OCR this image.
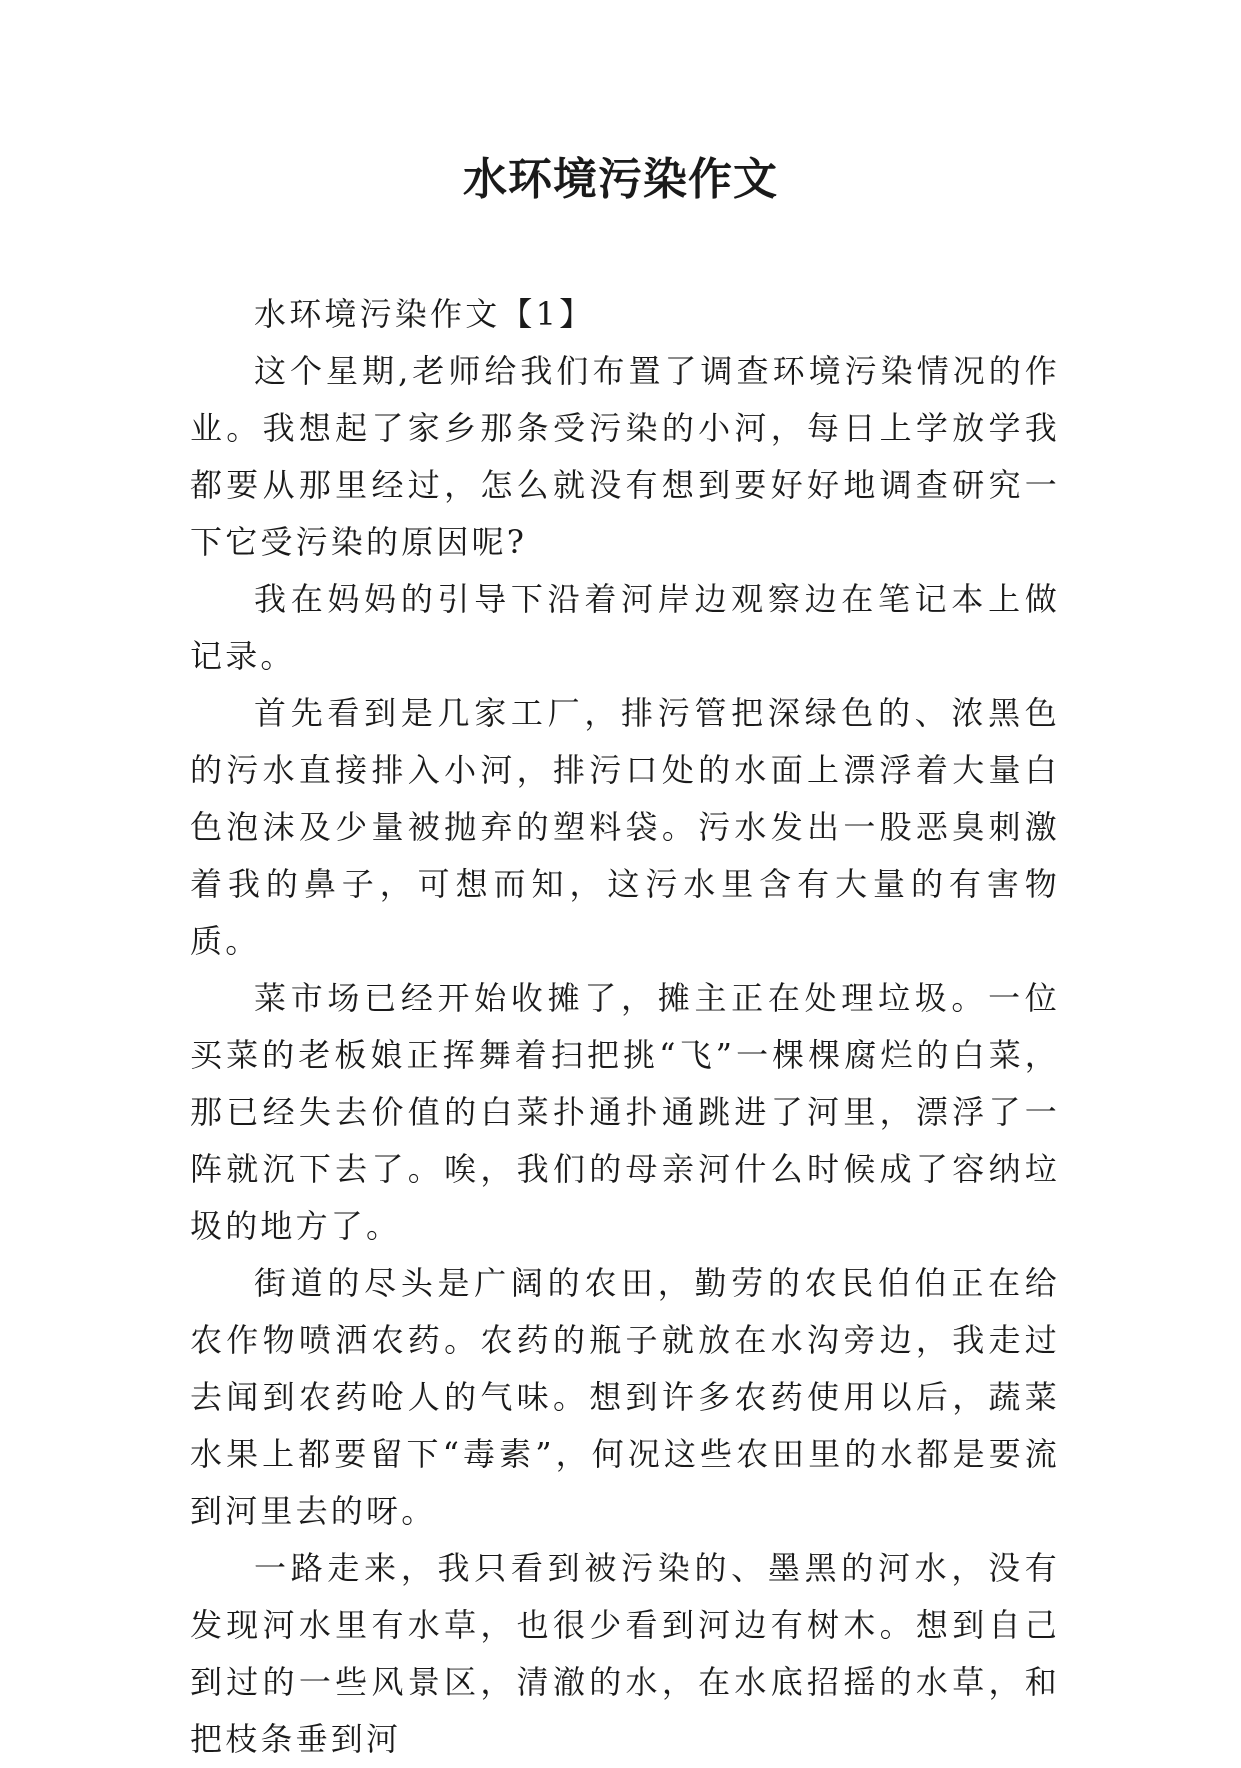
水环境污染作文

水环境污染作文【1】

这个星期,老师给我们布置了调查环境污染情况的作业。我想起了家乡那条受污染的小河，每日上学放学我都要从那里经过，怎么就没有想到要好好地调查研究一下它受污染的原因呢?

我在妈妈的引导下沿着河岸边观察边在笔记本上做记录。

首先看到是几家工厂，排污管把深绿色的、浓黑色的污水直接排入小河，排污口处的水面上漂浮着大量白色泡沫及少量被抛弃的塑料袋。污水发出一股恶臭刺激着我的鼻子，可想而知，这污水里含有大量的有害物质。

菜市场已经开始收摊了，摊主正在处理垃圾。一位买菜的老板娘正挥舞着扫把挑“飞”一棵棵腐烂的白菜，那已经失去价值的白菜扑通扑通跳进了河里，漂浮了一阵就沉下去了。唉，我们的母亲河什么时候成了容纳垃圾的地方了。

街道的尽头是广阔的农田，勤劳的农民伯伯正在给农作物喷洒农药。农药的瓶子就放在水沟旁边，我走过去闻到农药呛人的气味。想到许多农药使用以后，蔬菜水果上都要留下“毒素”，何况这些农田里的水都是要流到河里去的呀。

一路走来，我只看到被污染的、墨黑的河水，没有发现河水里有水草，也很少看到河边有树木。想到自己到过的一些风景区，清澈的水，在水底招摇的水草，和把枝条垂到河
